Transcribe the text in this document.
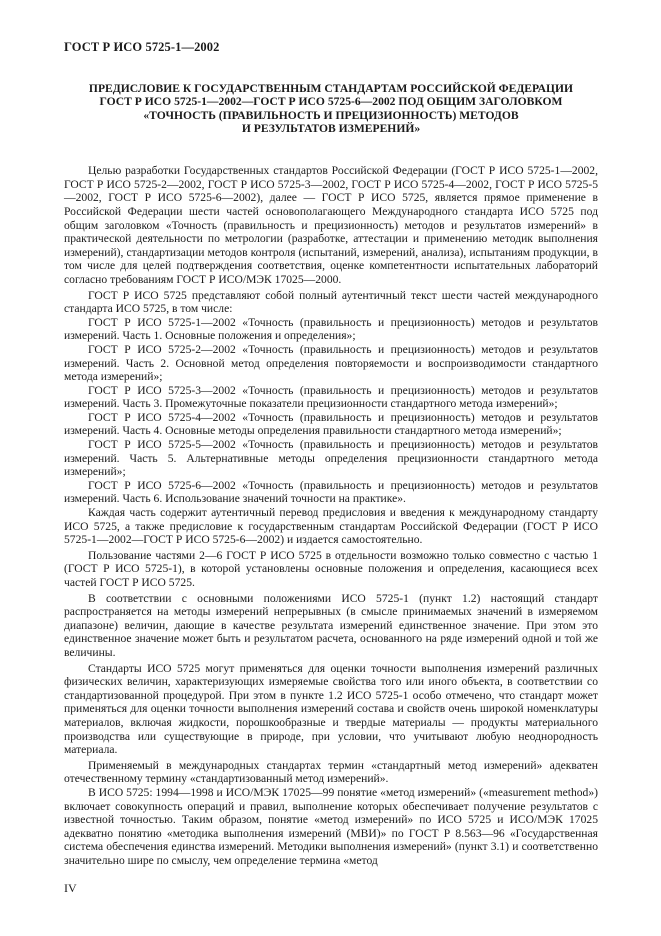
ГОСТ Р ИСО 5725-1—2002
ПРЕДИСЛОВИЕ К ГОСУДАРСТВЕННЫМ СТАНДАРТАМ РОССИЙСКОЙ ФЕДЕРАЦИИ
ГОСТ Р ИСО 5725-1—2002—ГОСТ Р ИСО 5725-6—2002 ПОД ОБЩИМ ЗАГОЛОВКОМ
«ТОЧНОСТЬ (ПРАВИЛЬНОСТЬ И ПРЕЦИЗИОННОСТЬ) МЕТОДОВ
И РЕЗУЛЬТАТОВ ИЗМЕРЕНИЙ»

Целью разработки Государственных стандартов Российской Федерации (ГОСТ Р ИСО 5725-1—2002, ГОСТ Р ИСО 5725-2—2002, ГОСТ Р ИСО 5725-3—2002, ГОСТ Р ИСО 5725-4—2002, ГОСТ Р ИСО 5725-5—2002, ГОСТ Р ИСО 5725-6—2002), далее — ГОСТ Р ИСО 5725, является прямое применение в Российской Федерации шести частей основополагающего Международного стандарта ИСО 5725 под общим заголовком «Точность (правильность и прецизионность) методов и результатов измерений» в практической деятельности по метрологии (разработке, аттестации и применению методик выполнения измерений), стандартизации методов контроля (испытаний, измерений, анализа), испытаниям продукции, в том числе для целей подтверждения соответствия, оценке компетентности испытательных лабораторий согласно требованиям ГОСТ Р ИСО/МЭК 17025—2000.

ГОСТ Р ИСО 5725 представляют собой полный аутентичный текст шести частей международного стандарта ИСО 5725, в том числе:

ГОСТ Р ИСО 5725-1—2002 «Точность (правильность и прецизионность) методов и результатов измерений. Часть 1. Основные положения и определения»;

ГОСТ Р ИСО 5725-2—2002 «Точность (правильность и прецизионность) методов и результатов измерений. Часть 2. Основной метод определения повторяемости и воспроизводимости стандартного метода измерений»;

ГОСТ Р ИСО 5725-3—2002 «Точность (правильность и прецизионность) методов и результатов измерений. Часть 3. Промежуточные показатели прецизионности стандартного метода измерений»;

ГОСТ Р ИСО 5725-4—2002 «Точность (правильность и прецизионность) методов и результатов измерений. Часть 4. Основные методы определения правильности стандартного метода измерений»;

ГОСТ Р ИСО 5725-5—2002 «Точность (правильность и прецизионность) методов и результатов измерений. Часть 5. Альтернативные методы определения прецизионности стандартного метода измерений»;

ГОСТ Р ИСО 5725-6—2002 «Точность (правильность и прецизионность) методов и результатов измерений. Часть 6. Использование значений точности на практике».

Каждая часть содержит аутентичный перевод предисловия и введения к международному стандарту ИСО 5725, а также предисловие к государственным стандартам Российской Федерации (ГОСТ Р ИСО 5725-1—2002—ГОСТ Р ИСО 5725-6—2002) и издается самостоятельно.

Пользование частями 2—6 ГОСТ Р ИСО 5725 в отдельности возможно только совместно с частью 1 (ГОСТ Р ИСО 5725-1), в которой установлены основные положения и определения, касающиеся всех частей ГОСТ Р ИСО 5725.

В соответствии с основными положениями ИСО 5725-1 (пункт 1.2) настоящий стандарт распространяется на методы измерений непрерывных (в смысле принимаемых значений в измеряемом диапазоне) величин, дающие в качестве результата измерений единственное значение. При этом это единственное значение может быть и результатом расчета, основанного на ряде измерений одной и той же величины.

Стандарты ИСО 5725 могут применяться для оценки точности выполнения измерений различных физических величин, характеризующих измеряемые свойства того или иного объекта, в соответствии со стандартизованной процедурой. При этом в пункте 1.2 ИСО 5725-1 особо отмечено, что стандарт может применяться для оценки точности выполнения измерений состава и свойств очень широкой номенклатуры материалов, включая жидкости, порошкообразные и твердые материалы — продукты материального производства или существующие в природе, при условии, что учитывают любую неоднородность материала.

Применяемый в международных стандартах термин «стандартный метод измерений» адекватен отечественному термину «стандартизованный метод измерений».

В ИСО 5725: 1994—1998 и ИСО/МЭК 17025—99 понятие «метод измерений» («measurement method») включает совокупность операций и правил, выполнение которых обеспечивает получение результатов с известной точностью. Таким образом, понятие «метод измерений» по ИСО 5725 и ИСО/МЭК 17025 адекватно понятию «методика выполнения измерений (МВИ)» по ГОСТ Р 8.563—96 «Государственная система обеспечения единства измерений. Методики выполнения измерений» (пункт 3.1) и соответственно значительно шире по смыслу, чем определение термина «метод

IV
